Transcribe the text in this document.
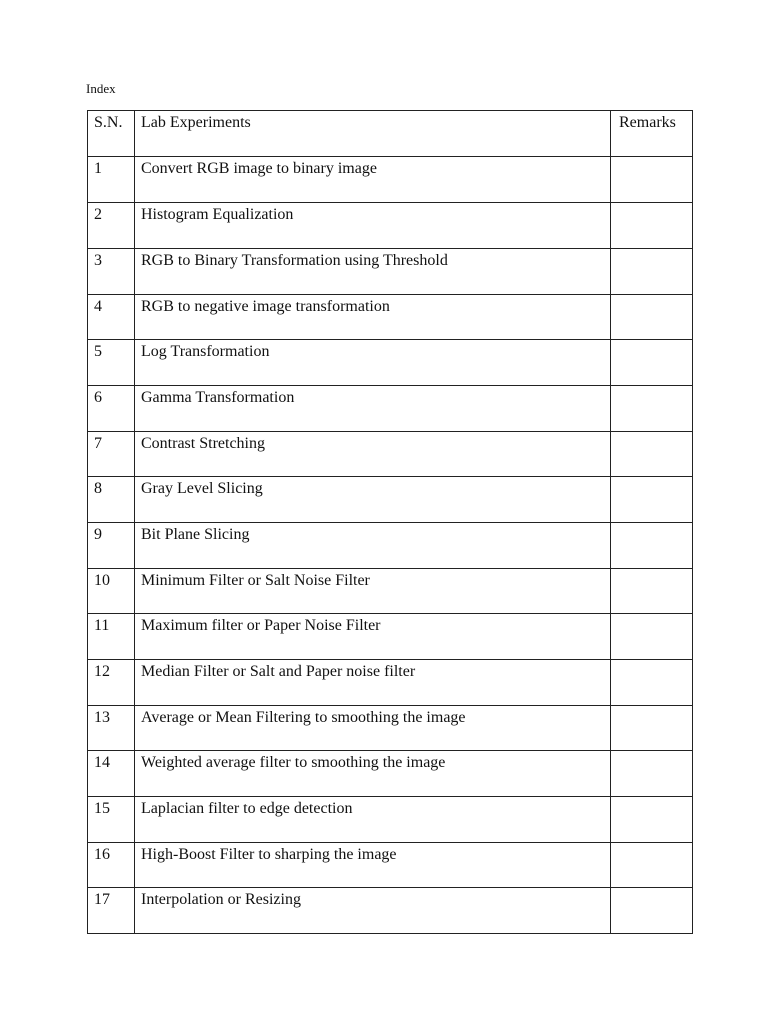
Index
S.N.	Lab Experiments	Remarks

1	Convert RGB image to binary image	

2	Histogram Equalization	

3	RGB to Binary Transformation using Threshold	

4	RGB to negative image transformation	

5	Log Transformation	

6	Gamma Transformation	

7	Contrast Stretching	

8	Gray Level Slicing	

9	Bit Plane Slicing	

10	Minimum Filter or Salt Noise Filter	

11	Maximum filter or Paper Noise Filter	

12	Median Filter or Salt and Paper noise filter	

13	Average or Mean Filtering to smoothing the image	

14	Weighted average filter to smoothing the image	

15	Laplacian filter to edge detection	

16	High-Boost Filter to sharping the image	

17	Interpolation or Resizing	
